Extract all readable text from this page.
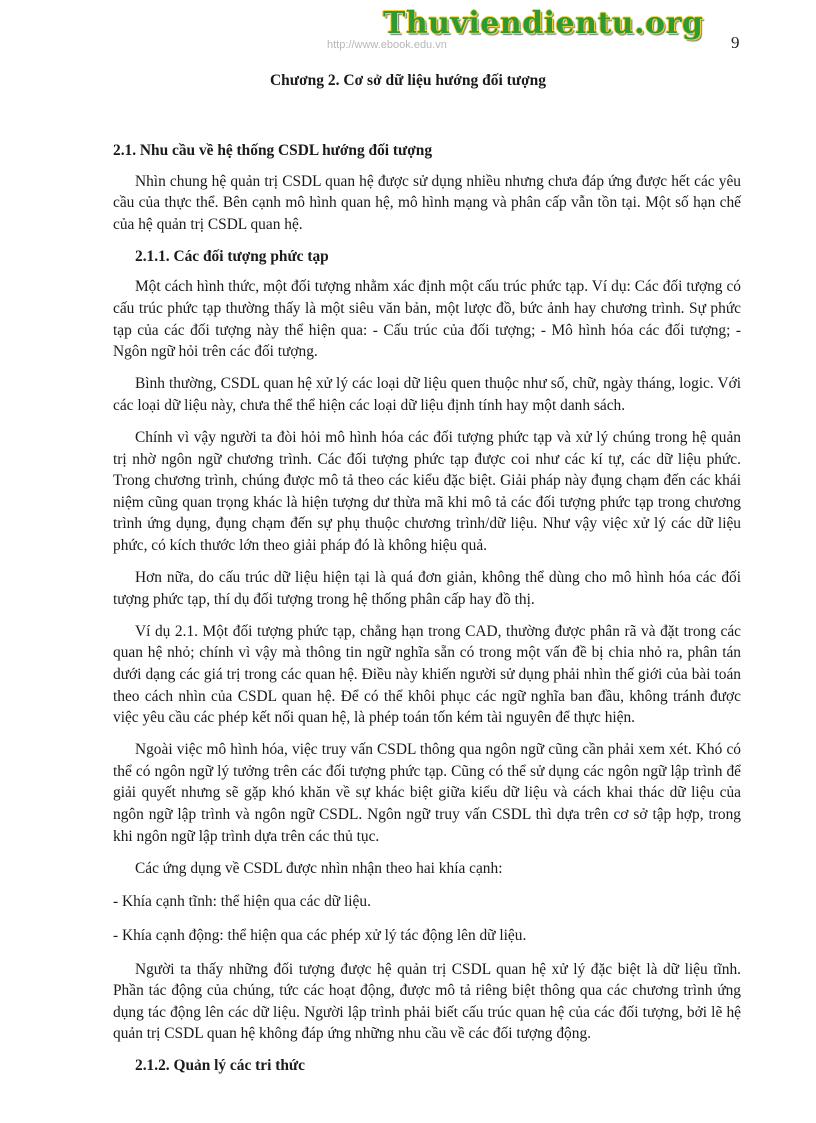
Thuviendientu.org
http://www.ebook.edu.vn	9
Chương 2. Cơ sở dữ liệu hướng đối tượng

2.1. Nhu cầu về hệ thống CSDL hướng đối tượng

Nhìn chung hệ quản trị CSDL quan hệ được sử dụng nhiều nhưng chưa đáp ứng được hết các yêu cầu của thực thể. Bên cạnh mô hình quan hệ, mô hình mạng và phân cấp vẫn tồn tại. Một số hạn chế của hệ quản trị CSDL quan hệ.

2.1.1. Các đối tượng phức tạp

Một cách hình thức, một đối tượng nhằm xác định một cấu trúc phức tạp. Ví dụ: Các đối tượng có cấu trúc phức tạp thường thấy là một siêu văn bản, một lược đồ, bức ảnh hay chương trình. Sự phức tạp của các đối tượng này thể hiện qua: - Cấu trúc của đối tượng; - Mô hình hóa các đối tượng; - Ngôn ngữ hỏi trên các đối tượng.

Bình thường, CSDL quan hệ xử lý các loại dữ liệu quen thuộc như số, chữ, ngày tháng, logic. Với các loại dữ liệu này, chưa thể thể hiện các loại dữ liệu định tính hay một danh sách.

Chính vì vậy người ta đòi hỏi mô hình hóa các đối tượng phức tạp và xử lý chúng trong hệ quản trị nhờ ngôn ngữ chương trình. Các đối tượng phức tạp được coi như các kí tự, các dữ liệu phức. Trong chương trình, chúng được mô tả theo các kiểu đặc biệt. Giải pháp này đụng chạm đến các khái niệm cũng quan trọng khác là hiện tượng dư thừa mã khi mô tả các đối tượng phức tạp trong chương trình ứng dụng, đụng chạm đến sự phụ thuộc chương trình/dữ liệu. Như vậy việc xử lý các dữ liệu phức, có kích thước lớn theo giải pháp đó là không hiệu quả.

Hơn nữa, do cấu trúc dữ liệu hiện tại là quá đơn giản, không thể dùng cho mô hình hóa các đối tượng phức tạp, thí dụ đối tượng trong hệ thống phân cấp hay đồ thị.

Ví dụ 2.1. Một đối tượng phức tạp, chẳng hạn trong CAD, thường được phân rã và đặt trong các quan hệ nhỏ; chính vì vậy mà thông tin ngữ nghĩa sẵn có trong một vấn đề bị chia nhỏ ra, phân tán dưới dạng các giá trị trong các quan hệ. Điều này khiến người sử dụng phải nhìn thế giới của bài toán theo cách nhìn của CSDL quan hệ. Để có thể khôi phục các ngữ nghĩa ban đầu, không tránh được việc yêu cầu các phép kết nối quan hệ, là phép toán tốn kém tài nguyên để thực hiện.

Ngoài việc mô hình hóa, việc truy vấn CSDL thông qua ngôn ngữ cũng cần phải xem xét. Khó có thể có ngôn ngữ lý tưởng trên các đối tượng phức tạp. Cũng có thể sử dụng các ngôn ngữ lập trình để giải quyết nhưng sẽ gặp khó khăn về sự khác biệt giữa kiểu dữ liệu và cách khai thác dữ liệu của ngôn ngữ lập trình và ngôn ngữ CSDL. Ngôn ngữ truy vấn CSDL thì dựa trên cơ sở tập hợp, trong khi ngôn ngữ lập trình dựa trên các thủ tục.

Các ứng dụng về CSDL được nhìn nhận theo hai khía cạnh:

- Khía cạnh tĩnh: thể hiện qua các dữ liệu.

- Khía cạnh động: thể hiện qua các phép xử lý tác động lên dữ liệu.

Người ta thấy những đối tượng được hệ quản trị CSDL quan hệ xử lý đặc biệt là dữ liệu tĩnh. Phần tác động của chúng, tức các hoạt động, được mô tả riêng biệt thông qua các chương trình ứng dụng tác động lên các dữ liệu. Người lập trình phải biết cấu trúc quan hệ của các đối tượng, bởi lẽ hệ quản trị CSDL quan hệ không đáp ứng những nhu cầu về các đối tượng động.

2.1.2. Quản lý các tri thức
